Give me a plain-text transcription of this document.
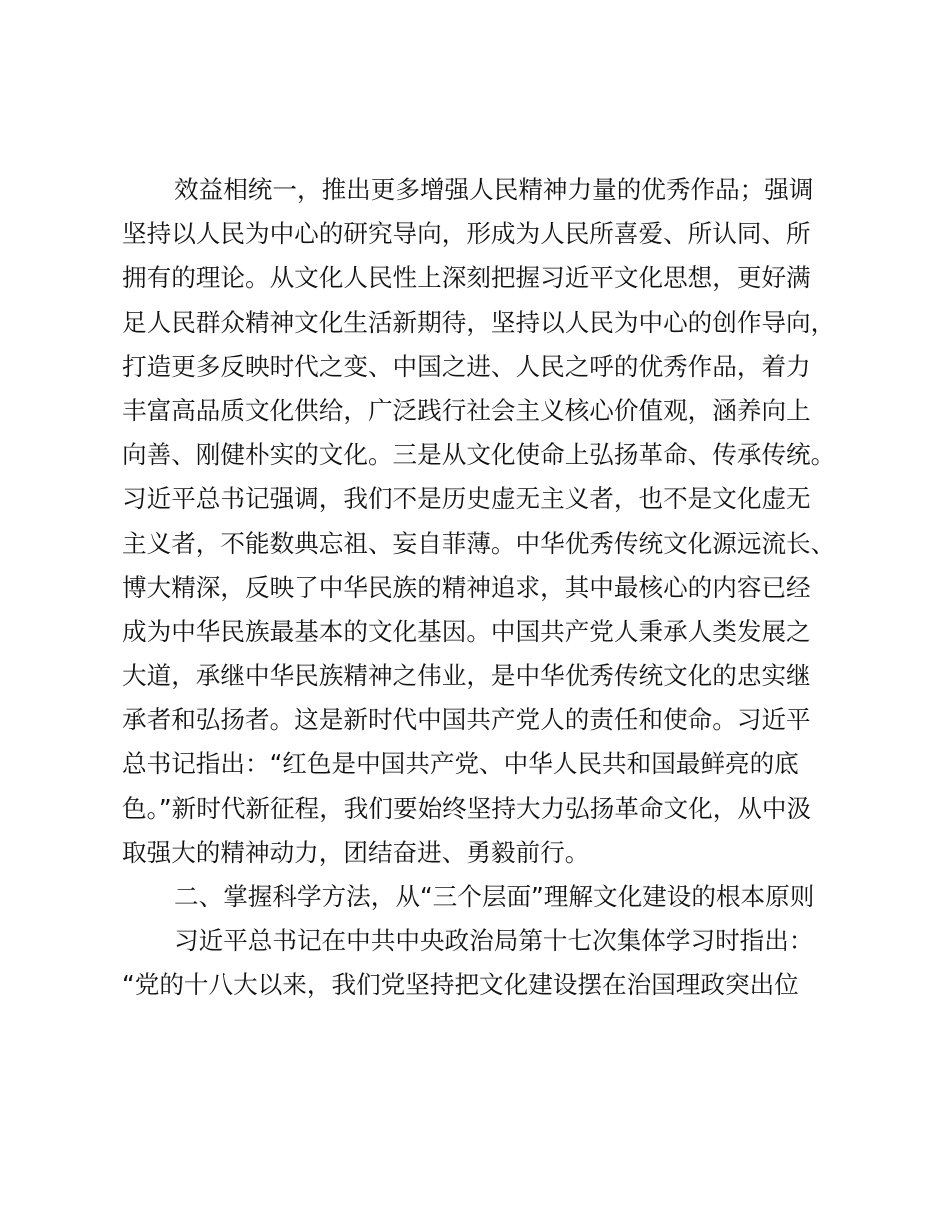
效益相统一，推出更多增强人民精神力量的优秀作品；强调
坚持以人民为中心的研究导向，形成为人民所喜爱、所认同、所
拥有的理论。从文化人民性上深刻把握习近平文化思想，更好满
足人民群众精神文化生活新期待，坚持以人民为中心的创作导向，
打造更多反映时代之变、中国之进、人民之呼的优秀作品，着力
丰富高品质文化供给，广泛践行社会主义核心价值观，涵养向上
向善、刚健朴实的文化。三是从文化使命上弘扬革命、传承传统。
习近平总书记强调，我们不是历史虚无主义者，也不是文化虚无
主义者，不能数典忘祖、妄自菲薄。中华优秀传统文化源远流长、
博大精深，反映了中华民族的精神追求，其中最核心的内容已经
成为中华民族最基本的文化基因。中国共产党人秉承人类发展之
大道，承继中华民族精神之伟业，是中华优秀传统文化的忠实继
承者和弘扬者。这是新时代中国共产党人的责任和使命。习近平
总书记指出：“红色是中国共产党、中华人民共和国最鲜亮的底
色。”新时代新征程，我们要始终坚持大力弘扬革命文化，从中汲
取强大的精神动力，团结奋进、勇毅前行。
二、掌握科学方法，从“三个层面”理解文化建设的根本原则
习近平总书记在中共中央政治局第十七次集体学习时指出：
“党的十八大以来，我们党坚持把文化建设摆在治国理政突出位
